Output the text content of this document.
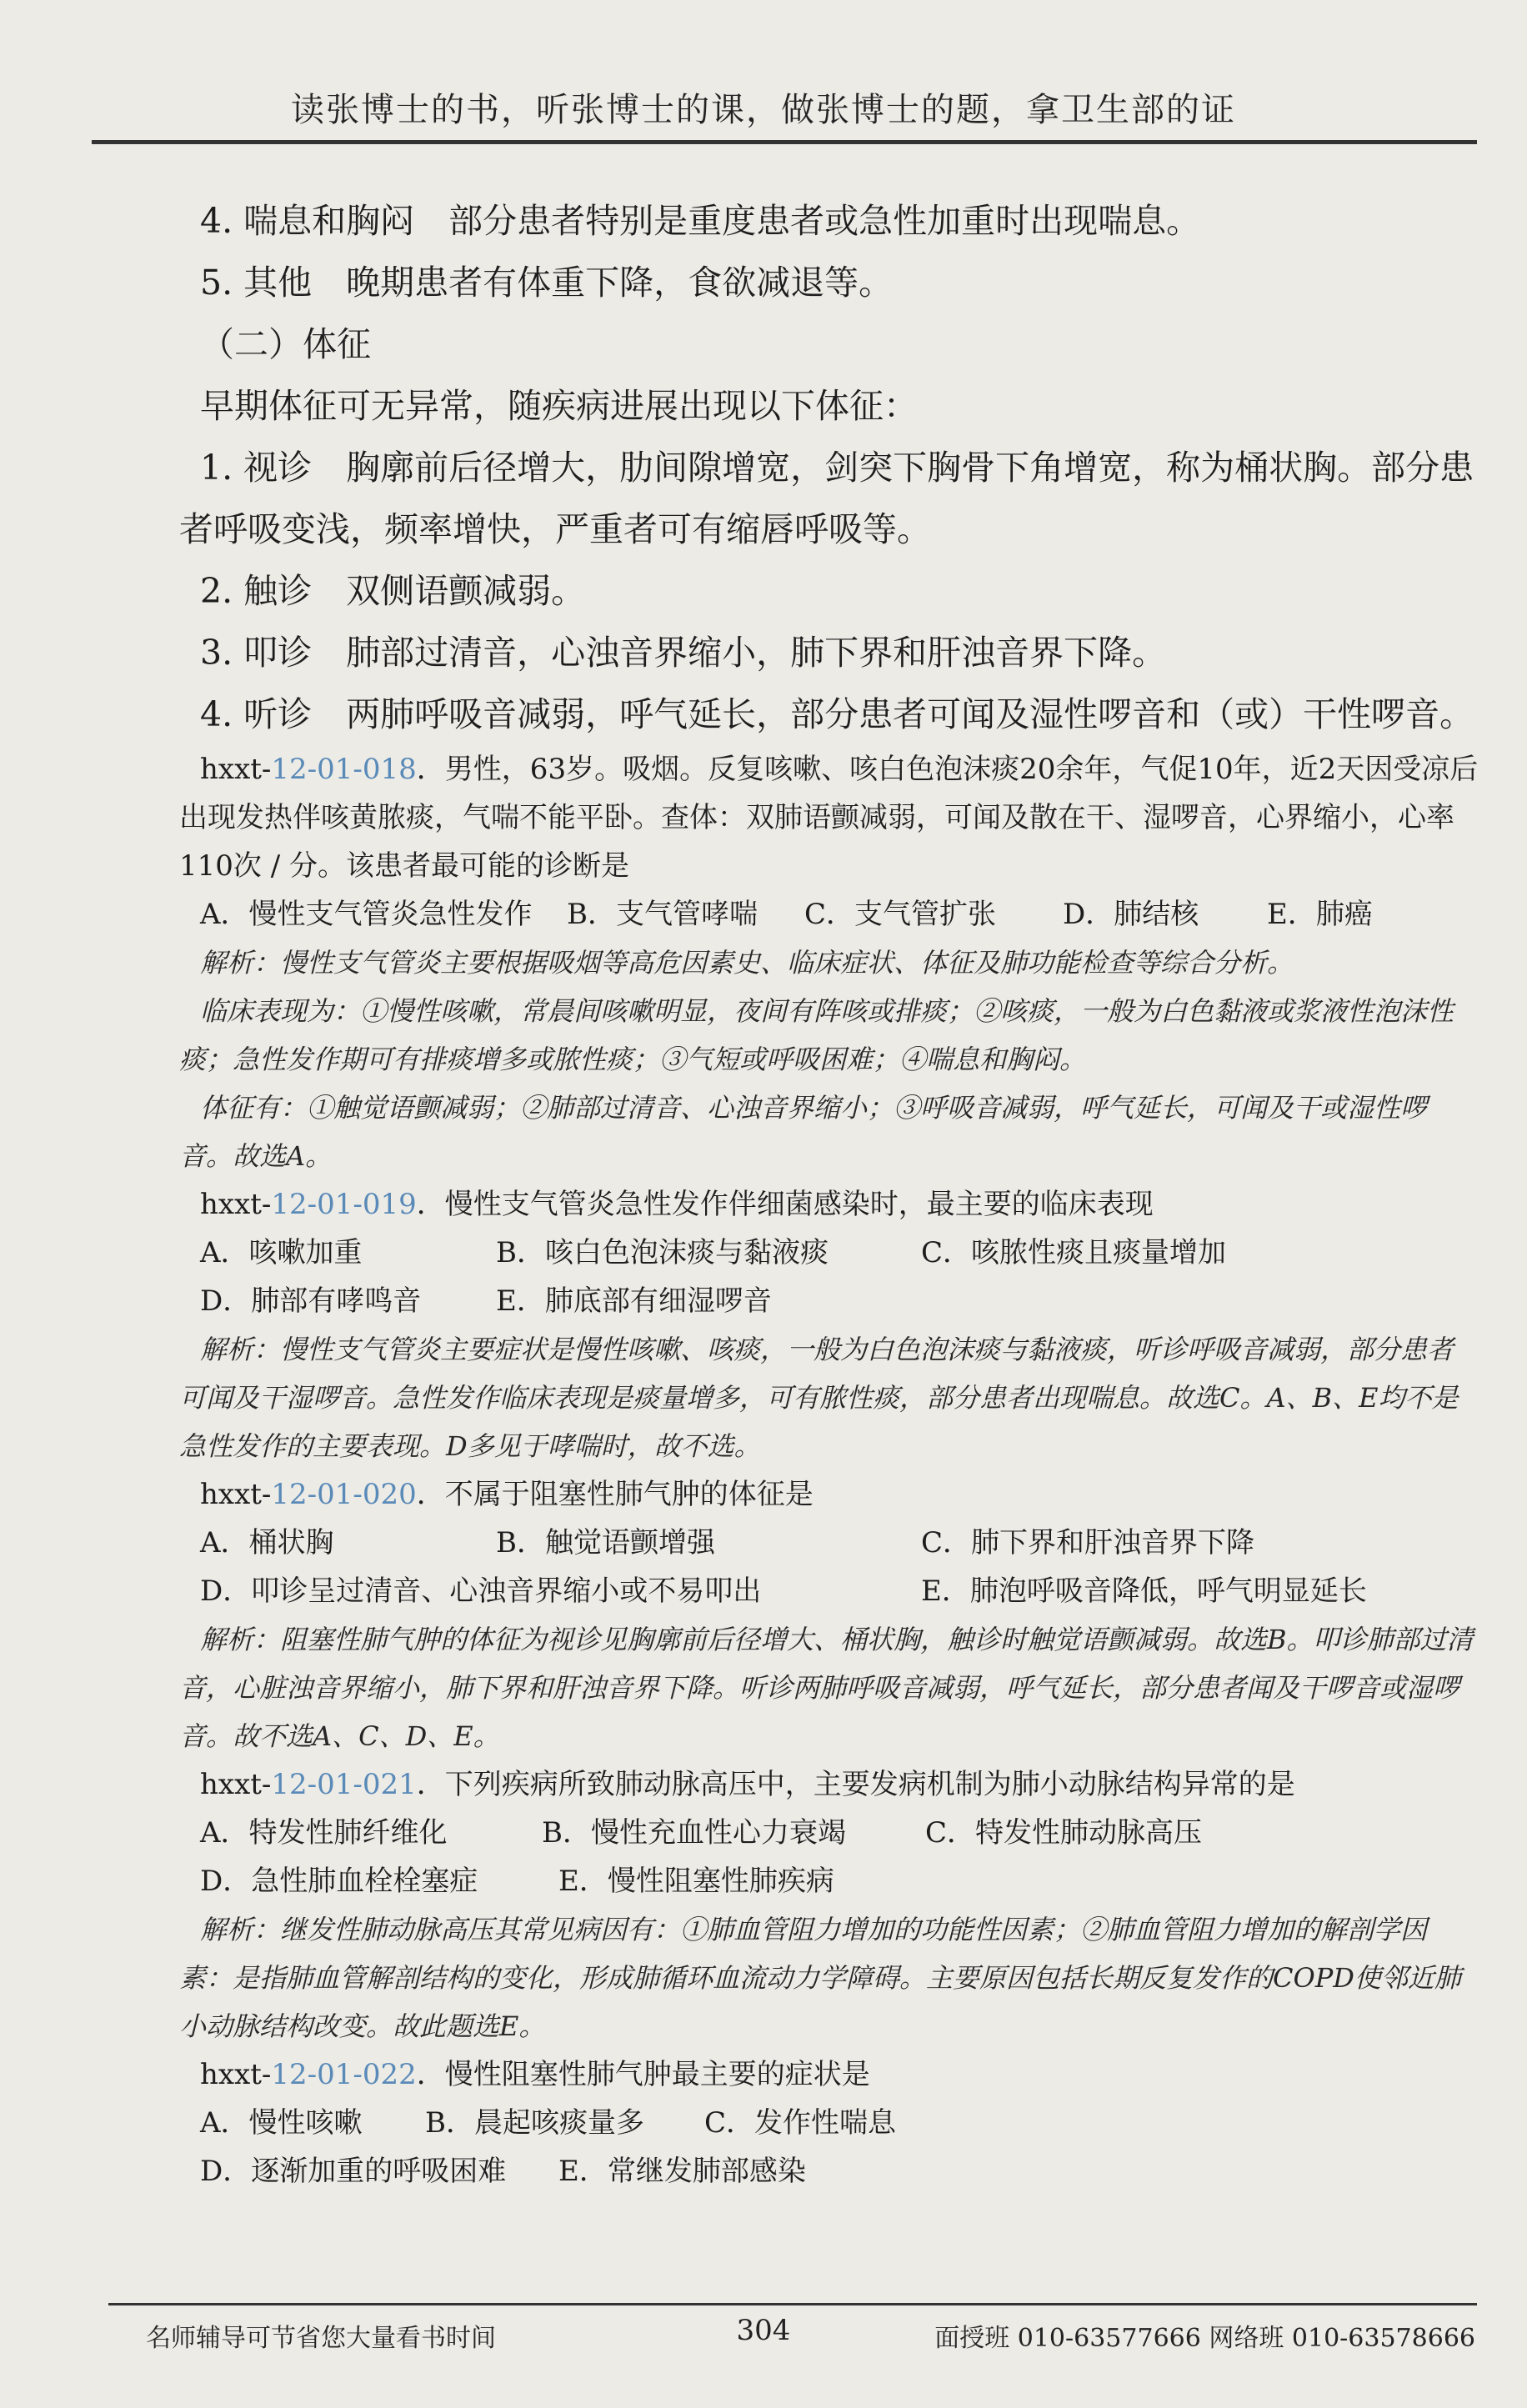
读张博士的书，听张博士的课，做张博士的题，拿卫生部的证

4. 喘息和胸闷　部分患者特别是重度患者或急性加重时出现喘息。

5. 其他　晚期患者有体重下降，食欲减退等。

（二）体征

早期体征可无异常，随疾病进展出现以下体征：

1. 视诊　胸廓前后径增大，肋间隙增宽，剑突下胸骨下角增宽，称为桶状胸。部分患者呼吸变浅，频率增快，严重者可有缩唇呼吸等。

2. 触诊　双侧语颤减弱。

3. 叩诊　肺部过清音，心浊音界缩小，肺下界和肝浊音界下降。

4. 听诊　两肺呼吸音减弱，呼气延长，部分患者可闻及湿性啰音和（或）干性啰音。

hxxt-12-01-018．男性，63岁。吸烟。反复咳嗽、咳白色泡沫痰20余年，气促10年，近2天因受凉后出现发热伴咳黄脓痰，气喘不能平卧。查体：双肺语颤减弱，可闻及散在干、湿啰音，心界缩小，心率110次 / 分。该患者最可能的诊断是

A．慢性支气管炎急性发作 B．支气管哮喘 C．支气管扩张 D．肺结核 E．肺癌

解析：慢性支气管炎主要根据吸烟等高危因素史、临床症状、体征及肺功能检查等综合分析。

临床表现为：①慢性咳嗽，常晨间咳嗽明显，夜间有阵咳或排痰；②咳痰，一般为白色黏液或浆液性泡沫性痰；急性发作期可有排痰增多或脓性痰；③气短或呼吸困难；④喘息和胸闷。

体征有：①触觉语颤减弱；②肺部过清音、心浊音界缩小；③呼吸音减弱，呼气延长，可闻及干或湿性啰音。故选A。

hxxt-12-01-019．慢性支气管炎急性发作伴细菌感染时，最主要的临床表现

A．咳嗽加重	B．咳白色泡沫痰与黏液痰	C．咳脓性痰且痰量增加

D．肺部有哮鸣音	E．肺底部有细湿啰音

解析：慢性支气管炎主要症状是慢性咳嗽、咳痰，一般为白色泡沫痰与黏液痰，听诊呼吸音减弱，部分患者可闻及干湿啰音。急性发作临床表现是痰量增多，可有脓性痰，部分患者出现喘息。故选C。A、B、E均不是急性发作的主要表现。D多见于哮喘时，故不选。

hxxt-12-01-020．不属于阻塞性肺气肿的体征是

A．桶状胸	B．触觉语颤增强	C．肺下界和肝浊音界下降

D．叩诊呈过清音、心浊音界缩小或不易叩出	E．肺泡呼吸音降低，呼气明显延长

解析：阻塞性肺气肿的体征为视诊见胸廓前后径增大、桶状胸，触诊时触觉语颤减弱。故选B。叩诊肺部过清音，心脏浊音界缩小，肺下界和肝浊音界下降。听诊两肺呼吸音减弱，呼气延长，部分患者闻及干啰音或湿啰音。故不选A、C、D、E。

hxxt-12-01-021．下列疾病所致肺动脉高压中，主要发病机制为肺小动脉结构异常的是

A．特发性肺纤维化	B．慢性充血性心力衰竭	C．特发性肺动脉高压

D．急性肺血栓栓塞症	E．慢性阻塞性肺疾病

解析：继发性肺动脉高压其常见病因有：①肺血管阻力增加的功能性因素；②肺血管阻力增加的解剖学因素：是指肺血管解剖结构的变化，形成肺循环血流动力学障碍。主要原因包括长期反复发作的COPD使邻近肺小动脉结构改变。故此题选E。

hxxt-12-01-022．慢性阻塞性肺气肿最主要的症状是

A．慢性咳嗽 B．晨起咳痰量多 C．发作性喘息

D．逐渐加重的呼吸困难 E．常继发肺部感染

名师辅导可节省您大量看书时间	304	面授班 010-63577666 网络班 010-63578666
